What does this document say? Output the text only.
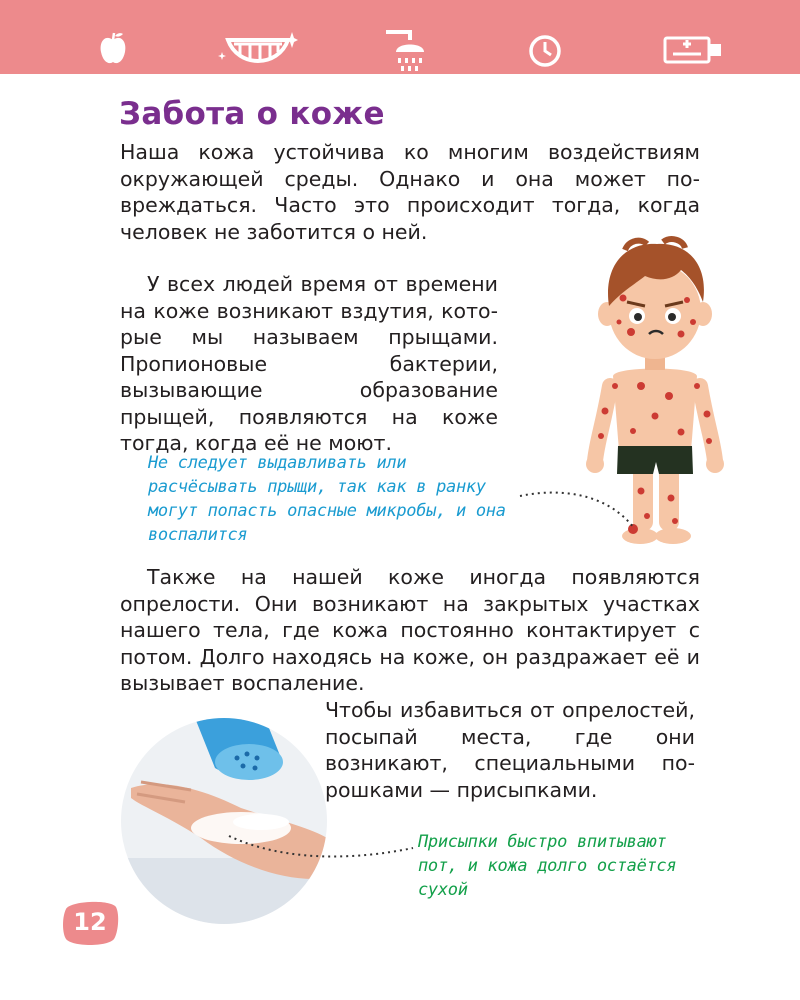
Забота о коже

Наша кожа устойчива ко многим воздействиям окружающей среды. Однако и она может повреждаться. Часто это происходит тогда, когда человек не заботится о ней.

У всех людей время от времени на коже возникают вздутия, которые мы называем прыщами. Пропионовые бактерии, вызывающие образование прыщей, появляются на коже тогда, когда её не моют.

Не следует выдавливать или расчёсывать прыщи, так как в ранку могут попасть опасные микробы, и она воспалится

Также на нашей коже иногда появляются опрелости. Они возникают на закрытых участках нашего тела, где кожа постоянно контактирует с потом. Долго находясь на коже, он раздражает её и вызывает воспаление.

Чтобы избавиться от опрелостей, посыпай места, где они возникают, специальными порошками — присыпками.

Присыпки быстро впитывают пот, и кожа долго остаётся сухой

12
